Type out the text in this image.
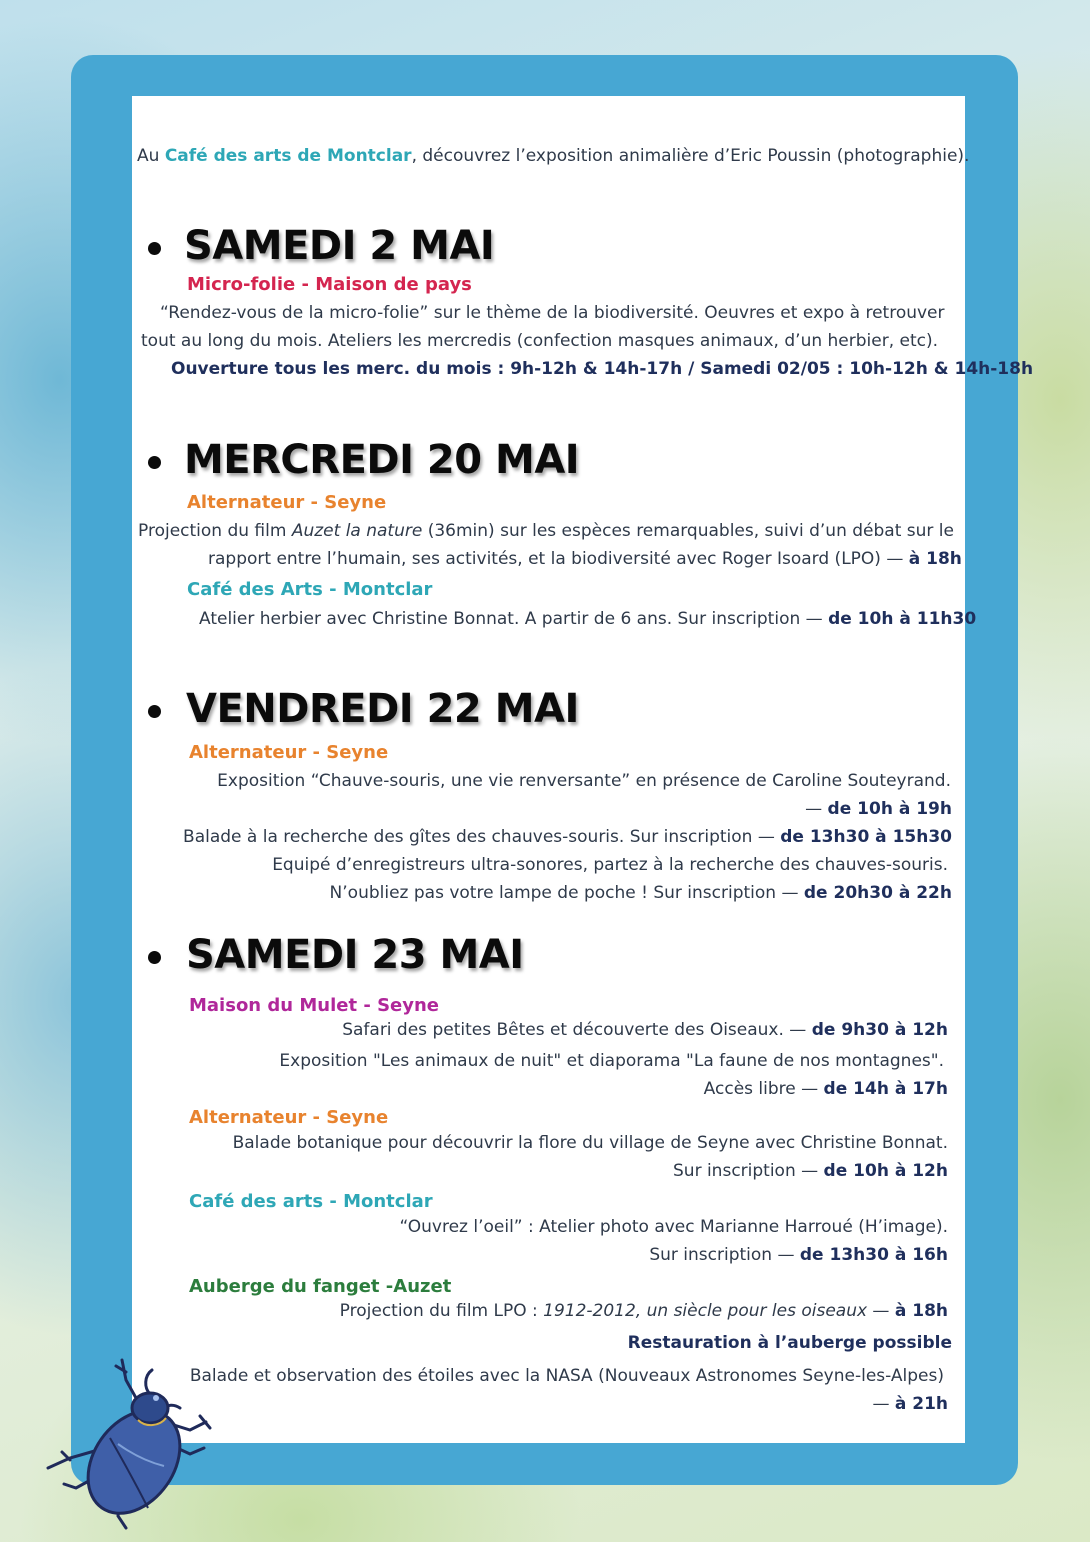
Au Café des arts de Montclar, découvrez l’exposition animalière d’Eric Poussin (photographie).
SAMEDI 2 MAI
Micro-folie - Maison de pays
“Rendez-vous de la micro-folie” sur le thème de la biodiversité. Oeuvres et expo à retrouver
tout au long du mois. Ateliers les mercredis (confection masques animaux, d’un herbier, etc).
Ouverture tous les merc. du mois : 9h-12h & 14h-17h / Samedi 02/05 : 10h-12h & 14h-18h
MERCREDI 20 MAI
Alternateur - Seyne
Projection du film Auzet la nature (36min) sur les espèces remarquables, suivi d’un débat sur le
rapport entre l’humain, ses activités, et la biodiversité avec Roger Isoard (LPO) — à 18h
Café des Arts - Montclar
Atelier herbier avec Christine Bonnat. A partir de 6 ans. Sur inscription — de 10h à 11h30
VENDREDI 22 MAI
Alternateur - Seyne
Exposition “Chauve-souris, une vie renversante” en présence de Caroline Souteyrand.
— de 10h à 19h
Balade à la recherche des gîtes des chauves-souris. Sur inscription — de 13h30 à 15h30
Equipé d’enregistreurs ultra-sonores, partez à la recherche des chauves-souris.
N’oubliez pas votre lampe de poche ! Sur inscription — de 20h30 à 22h
SAMEDI 23 MAI
Maison du Mulet - Seyne
Safari des petites Bêtes et découverte des Oiseaux. — de 9h30 à 12h
Exposition "Les animaux de nuit" et diaporama "La faune de nos montagnes".
Accès libre — de 14h à 17h
Alternateur - Seyne
Balade botanique pour découvrir la flore du village de Seyne avec Christine Bonnat.
Sur inscription — de 10h à 12h
Café des arts - Montclar
“Ouvrez l’oeil” : Atelier photo avec Marianne Harroué (H’image).
Sur inscription — de 13h30 à 16h
Auberge du fanget -Auzet
Projection du film LPO : 1912-2012, un siècle pour les oiseaux — à 18h
Restauration à l’auberge possible
Balade et observation des étoiles avec la NASA (Nouveaux Astronomes Seyne-les-Alpes)
— à 21h
